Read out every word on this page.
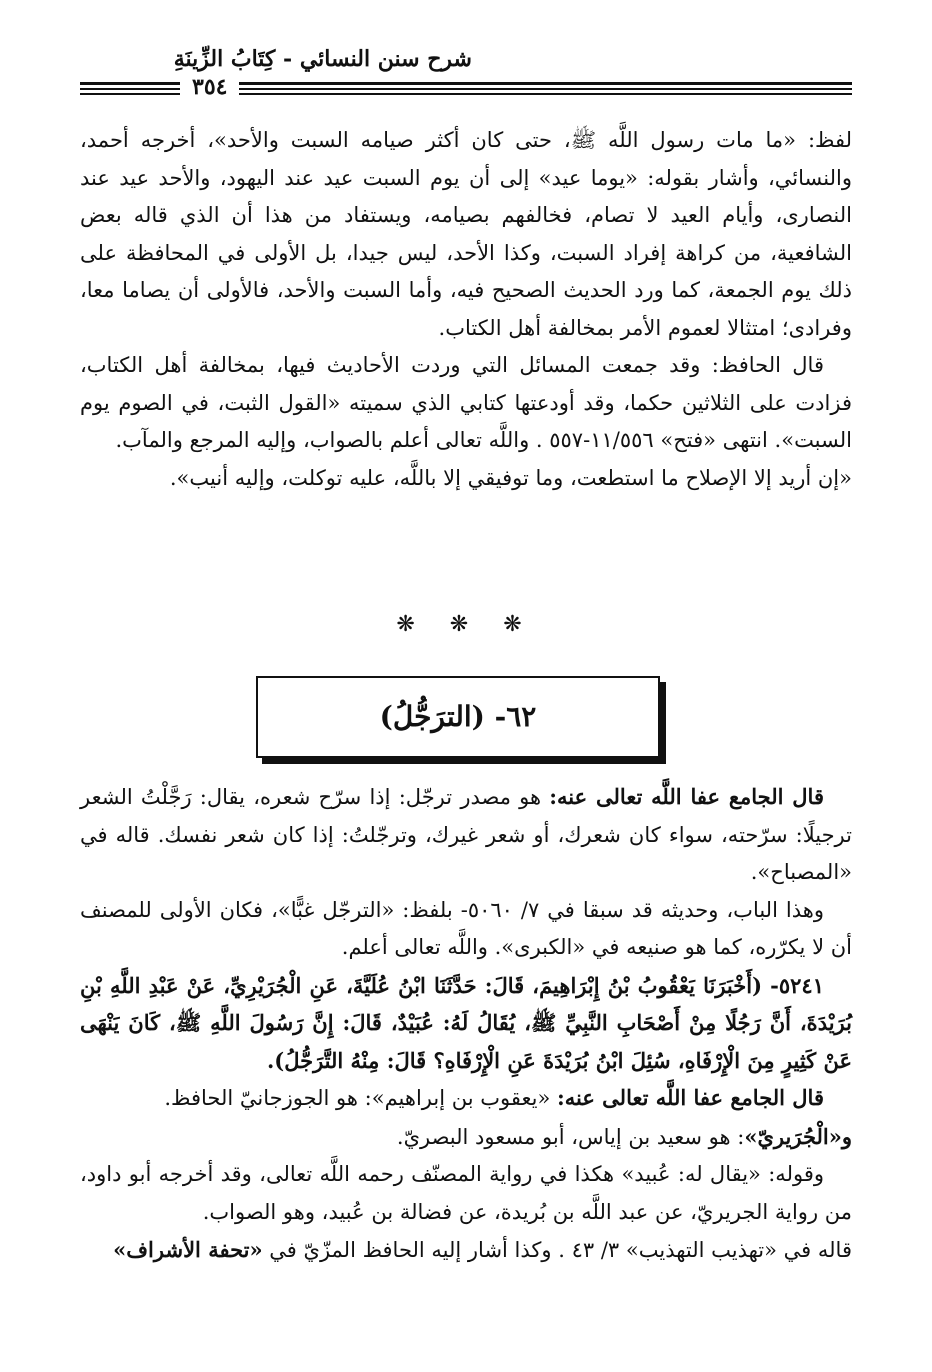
شرح سنن النسائي - كِتَابُ الزِّينَةِ
٣٥٤

لفظ: «ما مات رسول اللَّه ﷺ، حتى كان أكثر صيامه السبت والأحد»، أخرجه أحمد، والنسائي، وأشار بقوله: «يوما عيد» إلى أن يوم السبت عيد عند اليهود، والأحد عيد عند النصارى، وأيام العيد لا تصام، فخالفهم بصيامه، ويستفاد من هذا أن الذي قاله بعض الشافعية، من كراهة إفراد السبت، وكذا الأحد، ليس جيدا، بل الأولى في المحافظة على ذلك يوم الجمعة، كما ورد الحديث الصحيح فيه، وأما السبت والأحد، فالأولى أن يصاما معا، وفرادى؛ امتثالا لعموم الأمر بمخالفة أهل الكتاب.

قال الحافظ: وقد جمعت المسائل التي وردت الأحاديث فيها، بمخالفة أهل الكتاب، فزادت على الثلاثين حكما، وقد أودعتها كتابي الذي سميته «القول الثبت، في الصوم يوم السبت». انتهى «فتح» ١١/٥٥٦-٥٥٧ . واللَّه تعالى أعلم بالصواب، وإليه المرجع والمآب.

«إن أريد إلا الإصلاح ما استطعت، وما توفيقي إلا باللَّه، عليه توكلت، وإليه أنيب».

❋ ❋ ❋
٦٢- (الترَجُّلُ)

قال الجامع عفا اللَّه تعالى عنه: هو مصدر ترجّل: إذا سرّح شعره، يقال: رَجَّلْتُ الشعر ترجيلًا: سرّحته، سواء كان شعرك، أو شعر غيرك، وترجّلتُ: إذا كان شعر نفسك. قاله في «المصباح».

وهذا الباب، وحديثه قد سبقا في ٧/ ٥٠٦٠- بلفظ: «الترجّل غبًّا»، فكان الأولى للمصنف أن لا يكرّره، كما هو صنيعه في «الكبرى». واللَّه تعالى أعلم.

٥٢٤١- (أَخْبَرَنَا يَعْقُوبُ بْنُ إِبْرَاهِيمَ، قَالَ: حَدَّثَنَا ابْنُ عُلَيَّةَ، عَنِ الْجُرَيْرِيِّ، عَنْ عَبْدِ اللَّهِ بْنِ بُرَيْدَةَ، أَنَّ رَجُلًا مِنْ أَصْحَابِ النَّبِيِّ ﷺ، يُقَالُ لَهُ: عُبَيْدٌ، قَالَ: إِنَّ رَسُولَ اللَّهِ ﷺ، كَانَ يَنْهَى عَنْ كَثِيرٍ مِنَ الْإِرْفَاهِ، سُئِلَ ابْنُ بُرَيْدَةَ عَنِ الْإِرْفَاهِ؟ قَالَ: مِنْهُ التَّرَجُّلُ).

قال الجامع عفا اللَّه تعالى عنه: «يعقوب بن إبراهيم»: هو الجوزجانيّ الحافظ.

و«الْجُرَيريّ»: هو سعيد بن إياس، أبو مسعود البصريّ.

وقوله: «يقال له: عُبيد» هكذا في رواية المصنّف رحمه اللَّه تعالى، وقد أخرجه أبو داود، من رواية الجريريّ، عن عبد اللَّه بن بُريدة، عن فضالة بن عُبيد، وهو الصواب.

قاله في «تهذيب التهذيب» ٣/ ٤٣ . وكذا أشار إليه الحافظ المزّيّ في «تحفة الأشراف»
